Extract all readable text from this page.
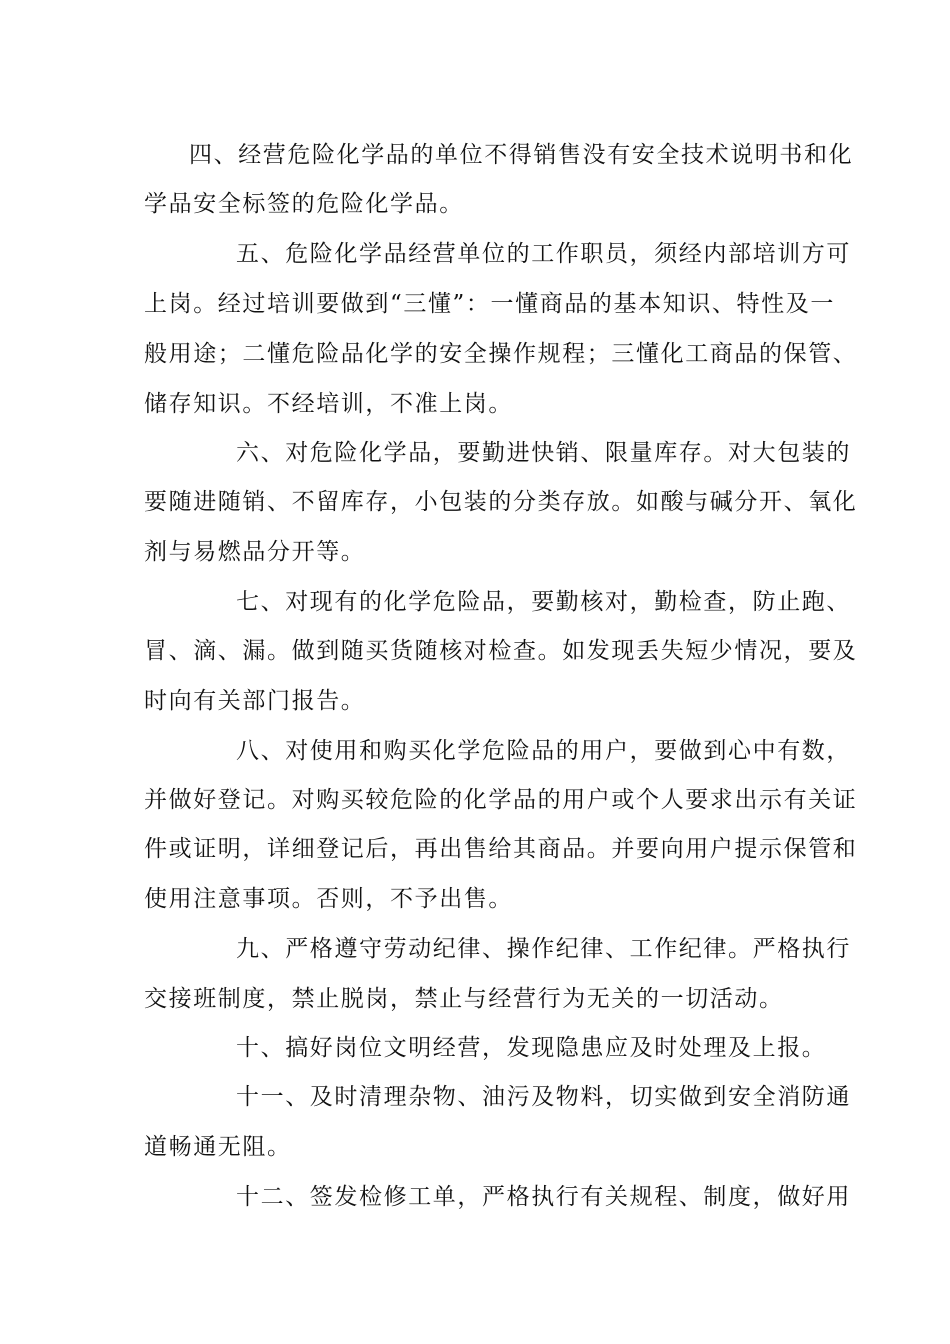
四、经营危险化学品的单位不得销售没有安全技术说明书和化
学品安全标签的危险化学品。
五、危险化学品经营单位的工作职员，须经内部培训方可
上岗。经过培训要做到“三懂”：一懂商品的基本知识、特性及一
般用途；二懂危险品化学的安全操作规程；三懂化工商品的保管、
储存知识。不经培训，不准上岗。
六、对危险化学品，要勤进快销、限量库存。对大包装的
要随进随销、不留库存，小包装的分类存放。如酸与碱分开、氧化
剂与易燃品分开等。
七、对现有的化学危险品，要勤核对，勤检查，防止跑、
冒、滴、漏。做到随买货随核对检查。如发现丢失短少情况，要及
时向有关部门报告。
八、对使用和购买化学危险品的用户，要做到心中有数，
并做好登记。对购买较危险的化学品的用户或个人要求出示有关证
件或证明，详细登记后，再出售给其商品。并要向用户提示保管和
使用注意事项。否则，不予出售。
九、严格遵守劳动纪律、操作纪律、工作纪律。严格执行
交接班制度，禁止脱岗，禁止与经营行为无关的一切活动。
十、搞好岗位文明经营，发现隐患应及时处理及上报。
十一、及时清理杂物、油污及物料，切实做到安全消防通
道畅通无阻。
十二、签发检修工单，严格执行有关规程、制度，做好用
